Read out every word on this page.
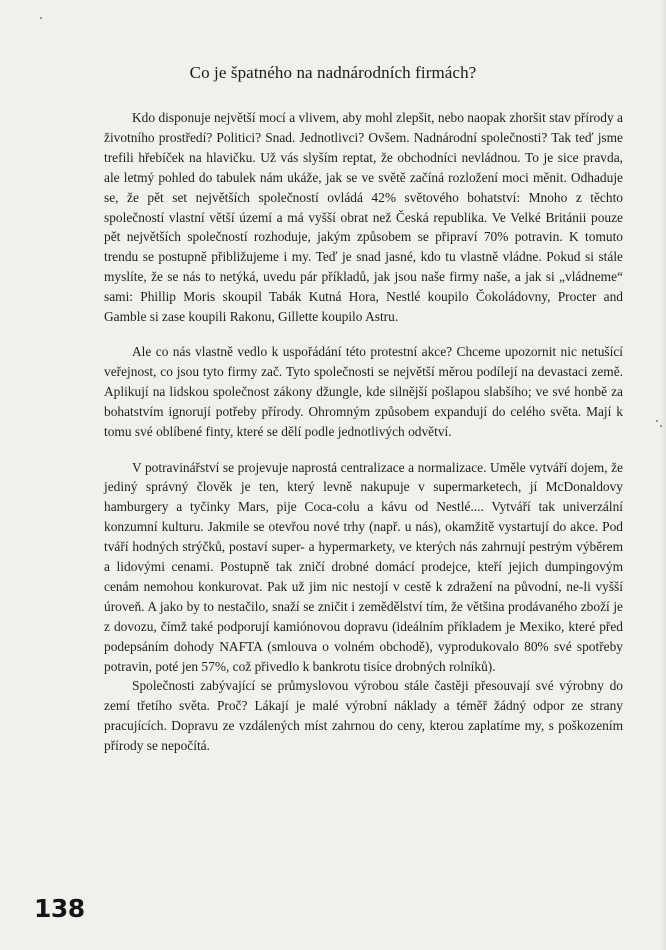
Co je špatného na nadnárodních firmách?

Kdo disponuje největší mocí a vlivem, aby mohl zlepšit, nebo naopak zhoršit stav přírody a životního prostředí? Politici? Snad. Jednotlivci? Ovšem. Nadnárodní společnosti? Tak teď jsme trefili hřebíček na hlavičku. Už vás slyším reptat, že obchodníci nevládnou. To je sice pravda, ale letmý pohled do tabulek nám ukáže, jak se ve světě začíná rozložení moci měnit. Odhaduje se, že pět set největších společností ovládá 42% světového bohatství: Mnoho z těchto společností vlastní větší území a má vyšší obrat než Česká republika. Ve Velké Británii pouze pět největších společností rozhoduje, jakým způsobem se připraví 70% potravin. K tomuto trendu se postupně přibližujeme i my. Teď je snad jasné, kdo tu vlastně vládne. Pokud si stále myslíte, že se nás to netýká, uvedu pár příkladů, jak jsou naše firmy naše, a jak si „vládneme“ sami: Phillip Moris skoupil Tabák Kutná Hora, Nestlé koupilo Čokoládovny, Procter and Gamble si zase koupili Rakonu, Gillette koupilo Astru.

Ale co nás vlastně vedlo k uspořádání této protestní akce? Chceme upozornit nic netušící veřejnost, co jsou tyto firmy zač. Tyto společnosti se největší měrou podílejí na devastaci země. Aplikují na lidskou společnost zákony džungle, kde silnější pošlapou slabšího; ve své honbě za bohatstvím ignorují potřeby přírody. Ohromným způsobem expandují do celého světa. Mají k tomu své oblíbené finty, které se dělí podle jednotlivých odvětví.

V potravinářství se projevuje naprostá centralizace a normalizace. Uměle vytváří dojem, že jediný správný člověk je ten, který levně nakupuje v supermarketech, jí McDonaldovy hamburgery a tyčinky Mars, pije Coca-colu a kávu od Nestlé.... Vytváří tak univerzální konzumní kulturu. Jakmile se otevřou nové trhy (např. u nás), okamžitě vystartují do akce. Pod tváří hodných strýčků, postaví super- a hypermarkety, ve kterých nás zahrnují pestrým výběrem a lidovými cenami. Postupně tak zničí drobné domácí prodejce, kteří jejich dumpingovým cenám nemohou konkurovat. Pak už jim nic nestojí v cestě k zdražení na původní, ne-li vyšší úroveň. A jako by to nestačilo, snaží se zničit i zemědělství tím, že většina prodávaného zboží je z dovozu, čímž také podporují kamiónovou dopravu (ideálním příkladem je Mexiko, které před podepsáním dohody NAFTA (smlouva o volném obchodě), vyprodukovalo 80% své spotřeby potravin, poté jen 57%, což přivedlo k bankrotu tisíce drobných rolníků).

Společnosti zabývající se průmyslovou výrobou stále častěji přesouvají své výrobny do zemí třetího světa. Proč? Lákají je malé výrobní náklady a téměř žádný odpor ze strany pracujících. Dopravu ze vzdálených míst zahrnou do ceny, kterou zaplatíme my, s poškozením přírody se nepočítá.

138
